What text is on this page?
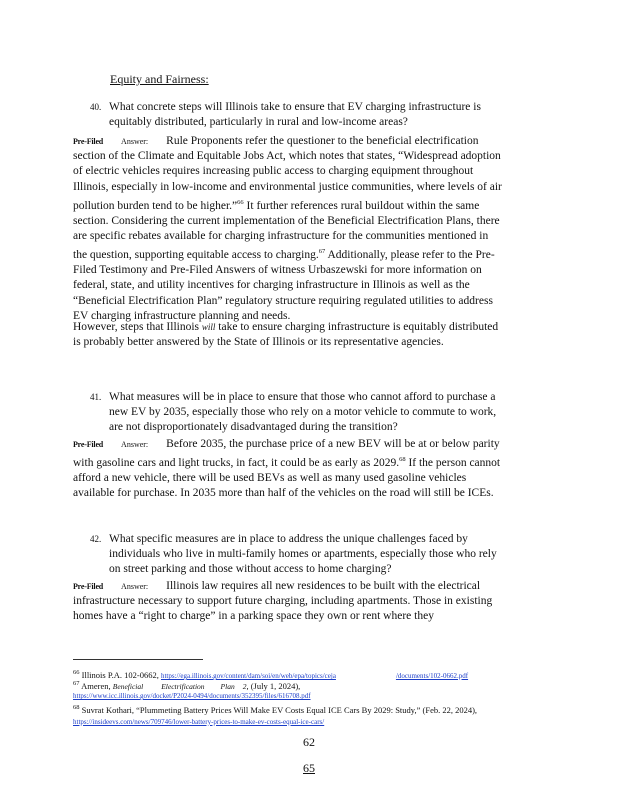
Equity and Fairness:
40. What concrete steps will Illinois take to ensure that EV charging infrastructure is equitably distributed, particularly in rural and low-income areas?
Pre-Filed Answer: Rule Proponents refer the questioner to the beneficial electrification section of the Climate and Equitable Jobs Act, which notes that states, “Widespread adoption of electric vehicles requires increasing public access to charging equipment throughout Illinois, especially in low-income and environmental justice communities, where levels of air pollution burden tend to be higher.”$^{66}$ It further references rural buildout within the same section. Considering the current implementation of the Beneficial Electrification Plans, there are specific rebates available for charging infrastructure for the communities mentioned in the question, supporting equitable access to charging.$^{67}$ Additionally, please refer to the Pre-Filed Testimony and Pre-Filed Answers of witness Urbaszewski for more information on federal, state, and utility incentives for charging infrastructure in Illinois as well as the “Beneficial Electrification Plan” regulatory structure requiring regulated utilities to address EV charging infrastructure planning and needs.
However, steps that Illinois will take to ensure charging infrastructure is equitably distributed is probably better answered by the State of Illinois or its representative agencies.
41. What measures will be in place to ensure that those who cannot afford to purchase a new EV by 2035, especially those who rely on a motor vehicle to commute to work, are not disproportionately disadvantaged during the transition?
Pre-Filed Answer: Before 2035, the purchase price of a new BEV will be at or below parity with gasoline cars and light trucks, in fact, it could be as early as 2029.68 If the person cannot afford a new vehicle, there will be used BEVs as well as many used gasoline vehicles available for purchase. In 2035 more than half of the vehicles on the road will still be ICEs.
42. What specific measures are in place to address the unique challenges faced by individuals who live in multi-family homes or apartments, especially those who rely on street parking and those without access to home charging?
Pre-Filed Answer: Illinois law requires all new residences to be built with the electrical infrastructure necessary to support future charging, including apartments. Those in existing homes have a “right to charge” in a parking space they own or rent where they
$^{66}$ Illinois P.A. 102-0662, https://ega.illinois.gov/content/dam/soi/en/web/epa/topics/ceja	/documents/102-0662.pdf
$^{67}$ Ameren, Beneficial Electrification Plan 2, (July 1, 2024),
https://www.icc.illinois.gov/docket/P2024-0494/documents/352395/files/616708.pdf
$^{68}$ Suvrat Kothari, “Plummeting Battery Prices Will Make EV Costs Equal ICE Cars By 2029: Study,” (Feb. 22, 2024), https://insideevs.com/news/709746/lower-battery-prices-to-make-ev-costs-equal-ice-cars/
62
65
